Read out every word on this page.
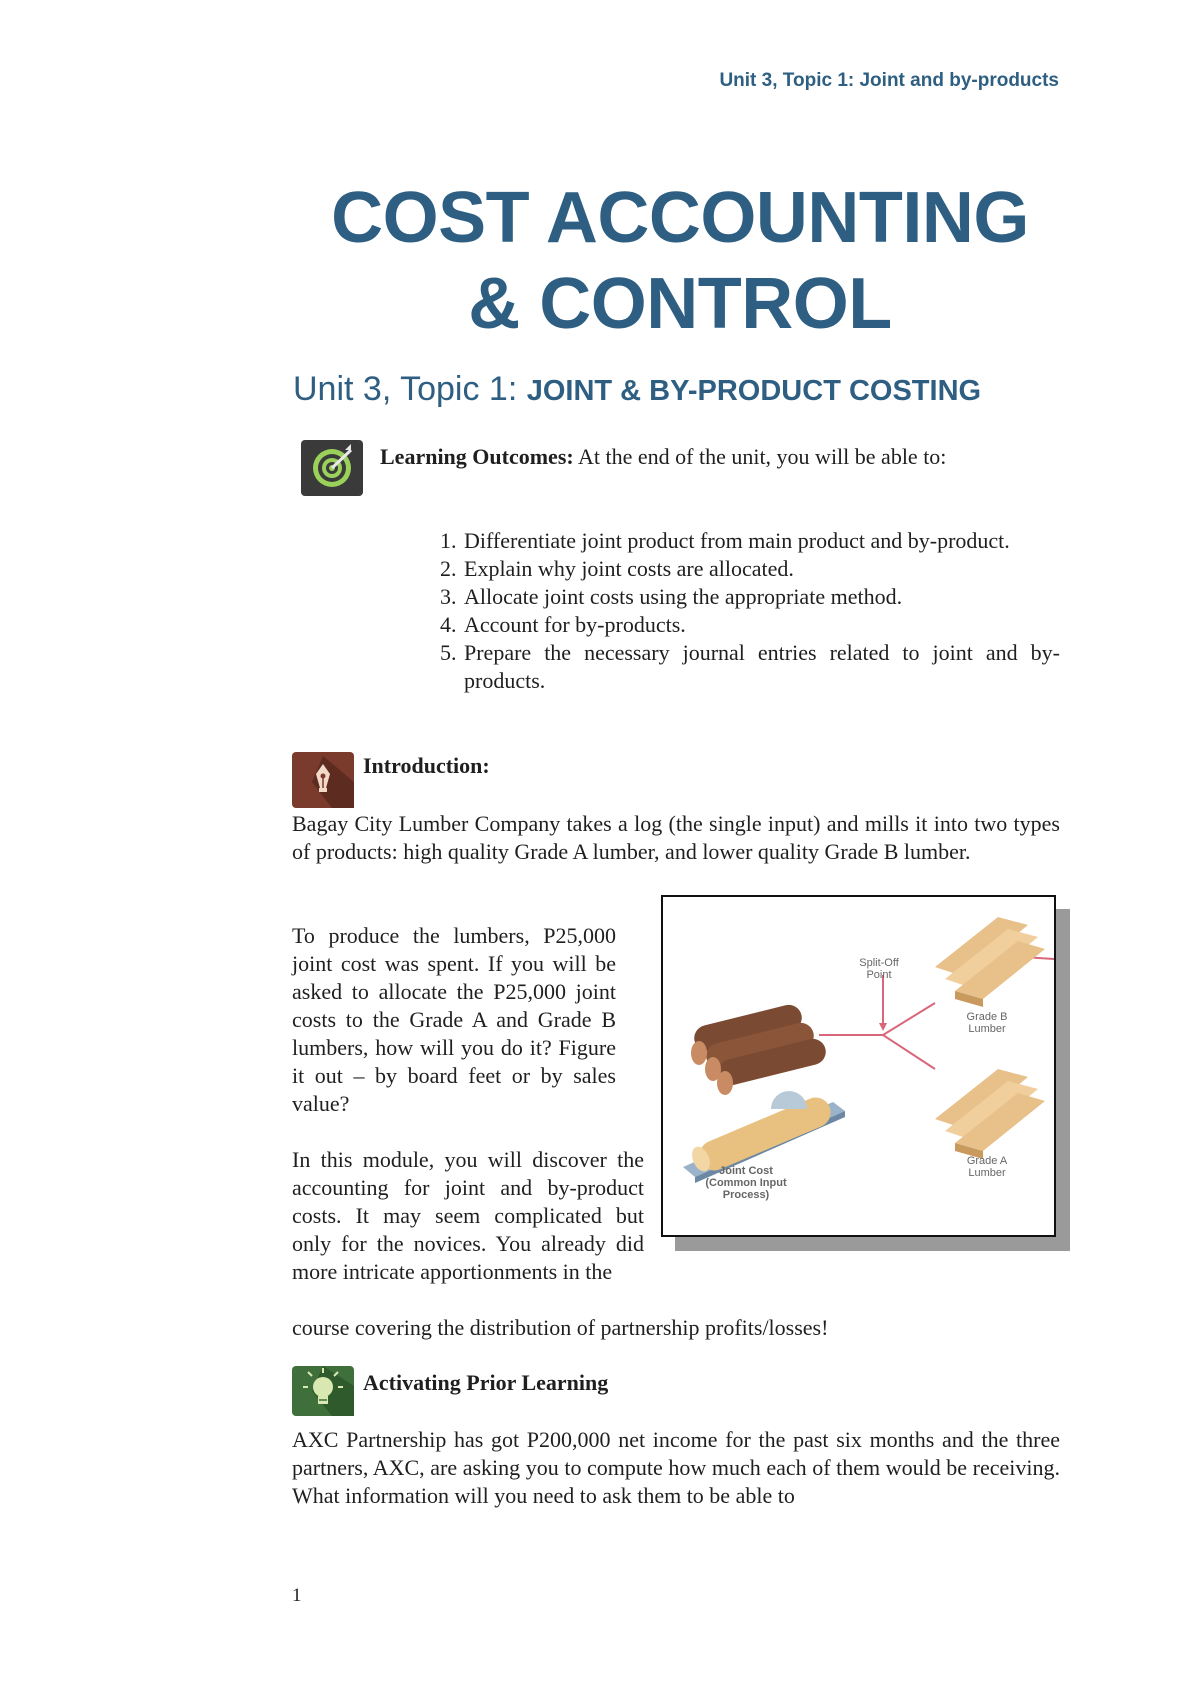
Unit 3, Topic 1: Joint and by-products
COST ACCOUNTING
& CONTROL
Unit 3, Topic 1: JOINT & BY-PRODUCT COSTING
Learning Outcomes: At the end of the unit, you will be able to:
1. Differentiate joint product from main product and by-product.
2. Explain why joint costs are allocated.
3. Allocate joint costs using the appropriate method.
4. Account for by-products.
5. Prepare the necessary journal entries related to joint and by-products.
Introduction:

Bagay City Lumber Company takes a log (the single input) and mills it into two types of products: high quality Grade A lumber, and lower quality Grade B lumber.

To produce the lumbers, P25,000 joint cost was spent. If you will be asked to allocate the P25,000 joint costs to the Grade A and Grade B lumbers, how will you do it? Figure it out – by board feet or by sales value?

In this module, you will discover the accounting for joint and by-product costs. It may seem complicated but only for the novices. You already did more intricate apportionments in the

course covering the distribution of partnership profits/losses!

Split-Off
Point
Grade B
Lumber
Grade A
Lumber
Joint Cost
(Common Input
Process)
Activating Prior Learning

AXC Partnership has got P200,000 net income for the past six months and the three partners, AXC, are asking you to compute how much each of them would be receiving. What information will you need to ask them to be able to

1
